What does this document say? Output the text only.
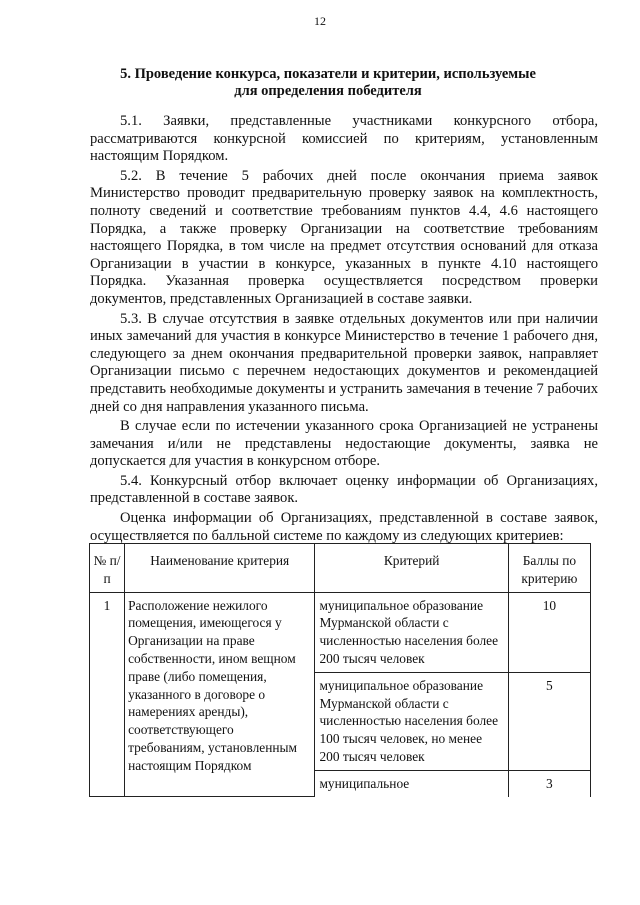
12
5. Проведение конкурса, показатели и критерии, используемые
для определения победителя

5.1. Заявки, представленные участниками конкурсного отбора, рассматриваются конкурсной комиссией по критериям, установленным настоящим Порядком.

5.2. В течение 5 рабочих дней после окончания приема заявок Министерство проводит предварительную проверку заявок на комплектность, полноту сведений и соответствие требованиям пунктов 4.4, 4.6 настоящего Порядка, а также проверку Организации на соответствие требованиям настоящего Порядка, в том числе на предмет отсутствия оснований для отказа Организации в участии в конкурсе, указанных в пункте 4.10 настоящего Порядка. Указанная проверка осуществляется посредством проверки документов, представленных Организацией в составе заявки.

5.3. В случае отсутствия в заявке отдельных документов или при наличии иных замечаний для участия в конкурсе Министерство в течение 1 рабочего дня, следующего за днем окончания предварительной проверки заявок, направляет Организации письмо с перечнем недостающих документов и рекомендацией представить необходимые документы и устранить замечания в течение 7 рабочих дней со дня направления указанного письма.

В случае если по истечении указанного срока Организацией не устранены замечания и/или не представлены недостающие документы, заявка не допускается для участия в конкурсном отборе.

5.4. Конкурсный отбор включает оценку информации об Организациях, представленной в составе заявок.

Оценка информации об Организациях, представленной в составе заявок, осуществляется по балльной системе по каждому из следующих критериев:

№ п/п	Наименование критерия	Критерий	Баллы по критерию
1	Расположение нежилого помещения, имеющегося у Организации на праве собственности, ином вещном праве (либо помещения, указанного в договоре о намерениях аренды), соответствующего требованиям, установленным настоящим Порядком	муниципальное образование Мурманской области с численностью населения более 200 тысяч человек	10
		муниципальное образование Мурманской области с численностью населения более 100 тысяч человек, но менее 200 тысяч человек	5
		муниципальное	3
